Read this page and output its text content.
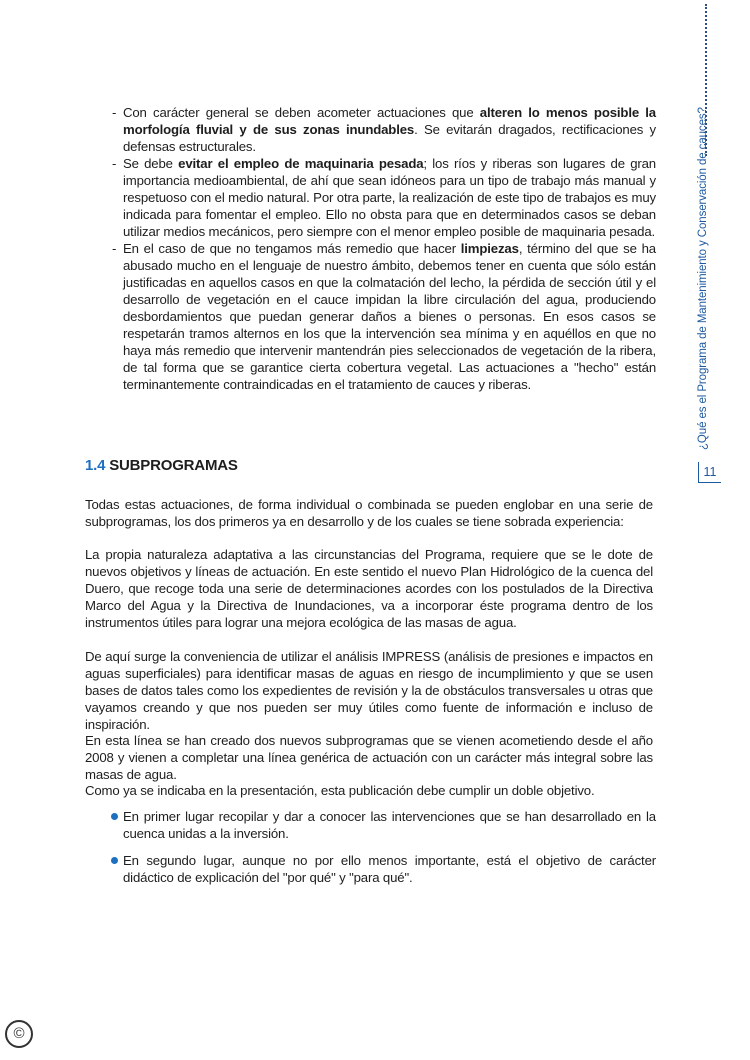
- Con carácter general se deben acometer actuaciones que alteren lo menos posible la morfología fluvial y de sus zonas inundables. Se evitarán dragados, rectificaciones y defensas estructurales.
- Se debe evitar el empleo de maquinaria pesada; los ríos y riberas son lugares de gran importancia medioambiental, de ahí que sean idóneos para un tipo de trabajo más manual y respetuoso con el medio natural. Por otra parte, la realización de este tipo de trabajos es muy indicada para fomentar el empleo. Ello no obsta para que en determinados casos se deban utilizar medios mecánicos, pero siempre con el menor empleo posible de maquinaria pesada.
- En el caso de que no tengamos más remedio que hacer limpiezas, término del que se ha abusado mucho en el lenguaje de nuestro ámbito, debemos tener en cuenta que sólo están justificadas en aquellos casos en que la colmatación del lecho, la pérdida de sección útil y el desarrollo de vegetación en el cauce impidan la libre circulación del agua, produciendo desbordamientos que puedan generar daños a bienes o personas. En esos casos se respetarán tramos alternos en los que la intervención sea mínima y en aquéllos en que no haya más remedio que intervenir mantendrán pies seleccionados de vegetación de la ribera, de tal forma que se garantice cierta cobertura vegetal. Las actuaciones a "hecho" están terminantemente contraindicadas en el tratamiento de cauces y riberas.
1.4 SUBPROGRAMAS

Todas estas actuaciones, de forma individual o combinada se pueden englobar en una serie de subprogramas, los dos primeros ya en desarrollo y de los cuales se tiene sobrada experiencia:

La propia naturaleza adaptativa a las circunstancias del Programa, requiere que se le dote de nuevos objetivos y líneas de actuación. En este sentido el nuevo Plan Hidrológico de la cuenca del Duero, que recoge toda una serie de determinaciones acordes con los postulados de la Directiva Marco del Agua y la Directiva de Inundaciones, va a incorporar éste programa dentro de los instrumentos útiles para lograr una mejora ecológica de las masas de agua.

De aquí surge la conveniencia de utilizar el análisis IMPRESS (análisis de presiones e impactos en aguas superficiales) para identificar masas de aguas en riesgo de incumplimiento y que se usen bases de datos tales como los expedientes de revisión y la de obstáculos transversales u otras que vayamos creando y que nos pueden ser muy útiles como fuente de información e incluso de inspiración.

En esta línea se han creado dos nuevos subprogramas que se vienen acometiendo desde el año 2008 y vienen a completar una línea genérica de actuación con un carácter más integral sobre las masas de agua.

Como ya se indicaba en la presentación, esta publicación debe cumplir un doble objetivo.

En primer lugar recopilar y dar a conocer las intervenciones que se han desarrollado en la cuenca unidas a la inversión.
En segundo lugar, aunque no por ello menos importante, está el objetivo de carácter didáctico de explicación del "por qué" y "para qué".
¿Qué es el Programa de Mantenimiento y Conservación de cauces?
11
©
